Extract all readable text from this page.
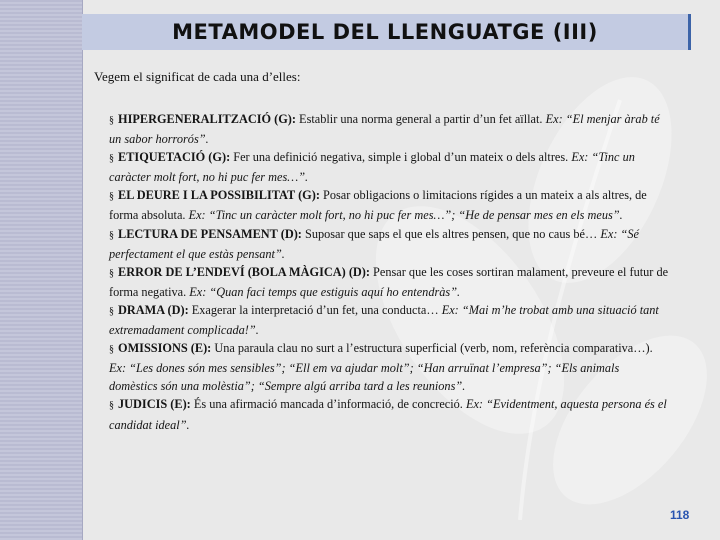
METAMODEL DEL LLENGUATGE (III)
Vegem el significat de cada una d’elles:

§ HIPERGENERALITZACIÓ (G): Establir una norma general a partir d’un fet aïllat. Ex: “El menjar àrab té un sabor horrorós”.

§ ETIQUETACIÓ (G): Fer una definició negativa, simple i global d’un mateix o dels altres. Ex: “Tinc un caràcter molt fort, no hi puc fer mes…”.

§ EL DEURE I LA POSSIBILITAT (G): Posar obligacions o limitacions rígides a un mateix a als altres, de forma absoluta. Ex: “Tinc un caràcter molt fort, no hi puc fer mes…”; “He de pensar mes en els meus”.

§ LECTURA DE PENSAMENT (D): Suposar que saps el que els altres pensen, que no caus bé… Ex: “Sé perfectament el que estàs pensant”.

§ ERROR DE L’ENDEVÍ (BOLA MÀGICA) (D): Pensar que les coses sortiran malament, preveure el futur de forma negativa. Ex: “Quan faci temps que estiguis aquí ho entendràs”.

§ DRAMA (D): Exagerar la interpretació d’un fet, una conducta… Ex: “Mai m’he trobat amb una situació tant extremadament complicada!”.

§ OMISSIONS (E): Una paraula clau no surt a l’estructura superficial (verb, nom, referència comparativa…). Ex: “Les dones són mes sensibles”; “Ell em va ajudar molt”; “Han arruïnat l’empresa”; “Els animals domèstics són una molèstia”; “Sempre algú arriba tard a les reunions”.

§ JUDICIS (E): És una afirmació mancada d’informació, de concreció. Ex: “Evidentment, aquesta persona és el candidat ideal”.

118
